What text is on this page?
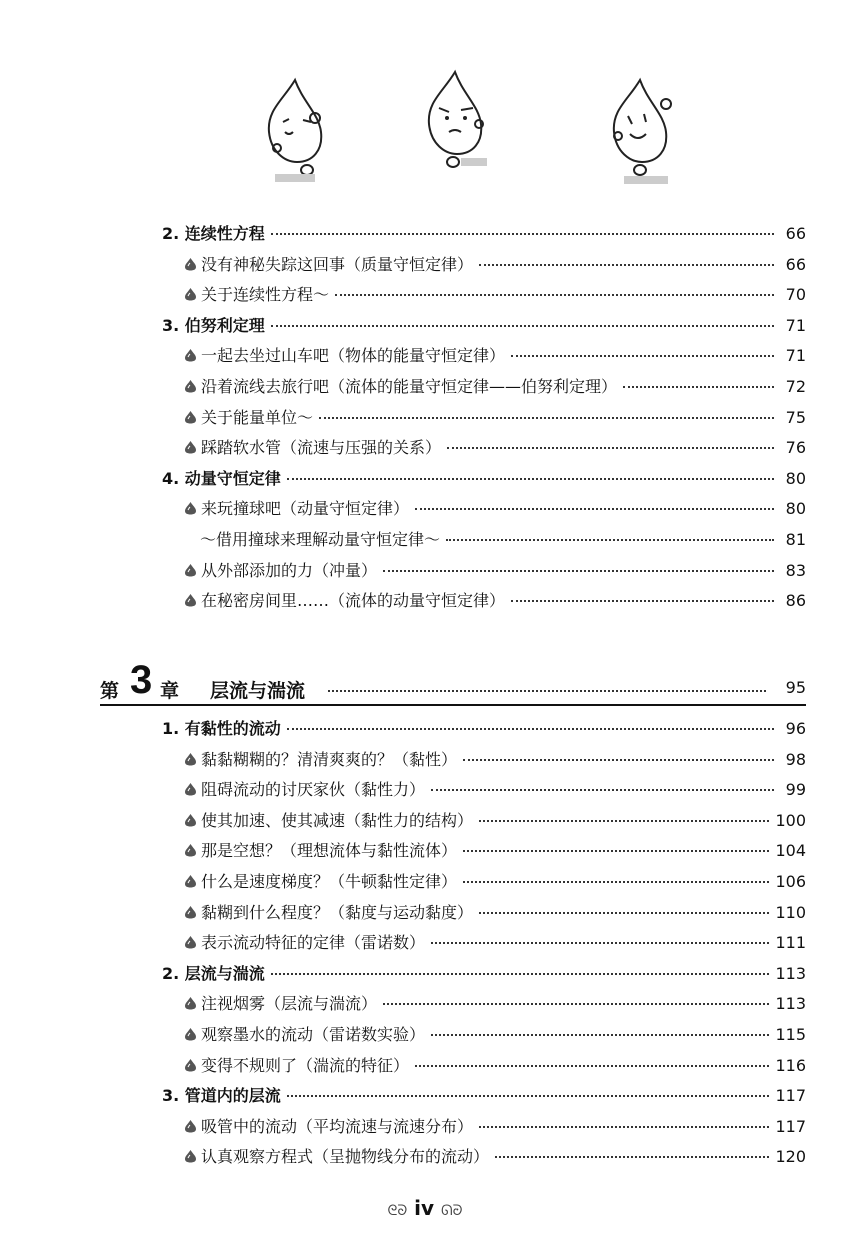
2. 连续性方程	66
没有神秘失踪这回事（质量守恒定律）	66
关于连续性方程～	70
3. 伯努利定理	71
一起去坐过山车吧（物体的能量守恒定律）	71
沿着流线去旅行吧（流体的能量守恒定律——伯努利定理）	72
关于能量单位～	75
踩踏软水管（流速与压强的关系）	76
4. 动量守恒定律	80
来玩撞球吧（动量守恒定律）	80
～借用撞球来理解动量守恒定律～	81
从外部添加的力（冲量）	83
在秘密房间里……（流体的动量守恒定律）	86
第 3 章 层流与湍流	95
1. 有黏性的流动	96
黏黏糊糊的？清清爽爽的？（黏性）	98
阻碍流动的讨厌家伙（黏性力）	99
使其加速、使其减速（黏性力的结构）	100
那是空想？（理想流体与黏性流体）	104
什么是速度梯度？（牛顿黏性定律）	106
黏糊到什么程度？（黏度与运动黏度）	110
表示流动特征的定律（雷诺数）	111
2. 层流与湍流	113
注视烟雾（层流与湍流）	113
观察墨水的流动（雷诺数实验）	115
变得不规则了（湍流的特征）	116
3. 管道内的层流	117
吸管中的流动（平均流速与流速分布）	117
认真观察方程式（呈抛物线分布的流动）	120
ᘓᘐ iv ᘏᘒ
